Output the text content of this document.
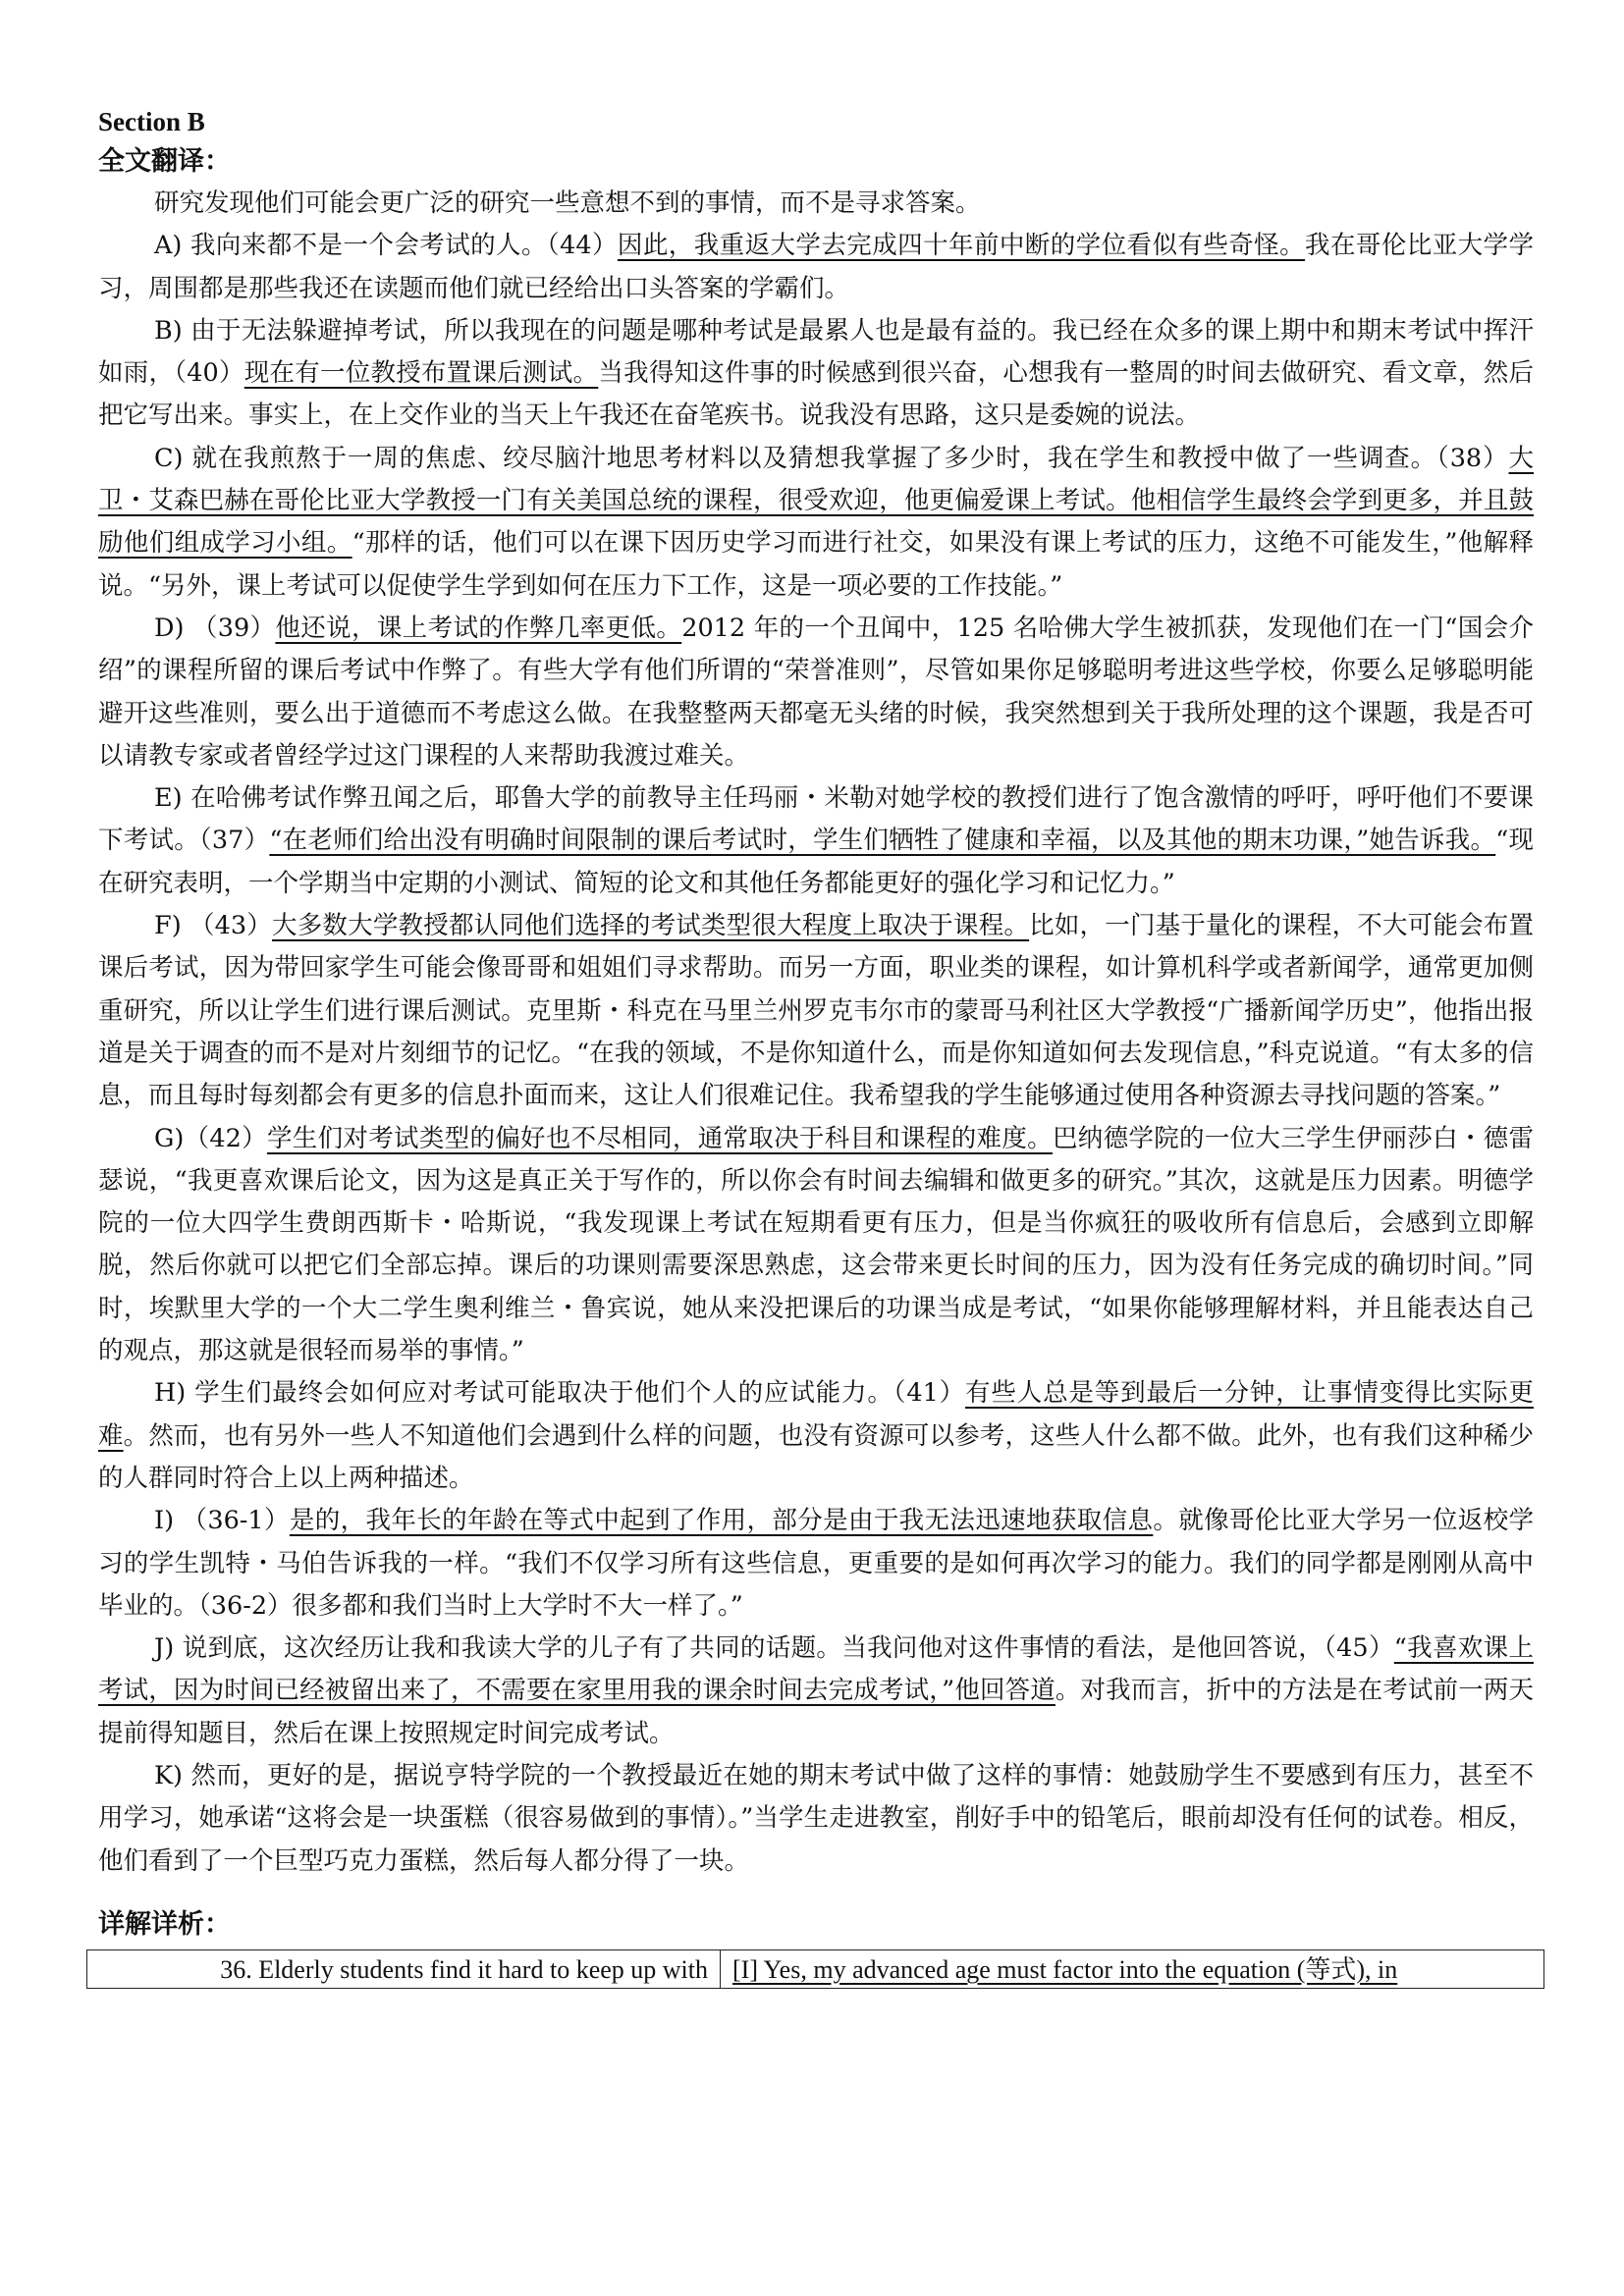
Section B

全文翻译：

研究发现他们可能会更广泛的研究一些意想不到的事情，而不是寻求答案。

A) 我向来都不是一个会考试的人。（44）因此，我重返大学去完成四十年前中断的学位看似有些奇怪。我在哥伦比亚大学学习，周围都是那些我还在读题而他们就已经给出口头答案的学霸们。

B) 由于无法躲避掉考试，所以我现在的问题是哪种考试是最累人也是最有益的。我已经在众多的课上期中和期末考试中挥汗如雨，（40）现在有一位教授布置课后测试。当我得知这件事的时候感到很兴奋，心想我有一整周的时间去做研究、看文章，然后把它写出来。事实上，在上交作业的当天上午我还在奋笔疾书。说我没有思路，这只是委婉的说法。

C) 就在我煎熬于一周的焦虑、绞尽脑汁地思考材料以及猜想我掌握了多少时，我在学生和教授中做了一些调查。（38）大卫・艾森巴赫在哥伦比亚大学教授一门有关美国总统的课程，很受欢迎，他更偏爱课上考试。他相信学生最终会学到更多，并且鼓励他们组成学习小组。“那样的话，他们可以在课下因历史学习而进行社交，如果没有课上考试的压力，这绝不可能发生，”他解释说。“另外，课上考试可以促使学生学到如何在压力下工作，这是一项必要的工作技能。”

D) （39）他还说，课上考试的作弊几率更低。2012 年的一个丑闻中，125 名哈佛大学生被抓获，发现他们在一门“国会介绍”的课程所留的课后考试中作弊了。有些大学有他们所谓的“荣誉准则”，尽管如果你足够聪明考进这些学校，你要么足够聪明能避开这些准则，要么出于道德而不考虑这么做。在我整整两天都毫无头绪的时候，我突然想到关于我所处理的这个课题，我是否可以请教专家或者曾经学过这门课程的人来帮助我渡过难关。

E) 在哈佛考试作弊丑闻之后，耶鲁大学的前教导主任玛丽・米勒对她学校的教授们进行了饱含激情的呼吁，呼吁他们不要课下考试。（37）“在老师们给出没有明确时间限制的课后考试时，学生们牺牲了健康和幸福，以及其他的期末功课，”她告诉我。“现在研究表明，一个学期当中定期的小测试、简短的论文和其他任务都能更好的强化学习和记忆力。”

F) （43）大多数大学教授都认同他们选择的考试类型很大程度上取决于课程。比如，一门基于量化的课程，不大可能会布置课后考试，因为带回家学生可能会像哥哥和姐姐们寻求帮助。而另一方面，职业类的课程，如计算机科学或者新闻学，通常更加侧重研究，所以让学生们进行课后测试。克里斯・科克在马里兰州罗克韦尔市的蒙哥马利社区大学教授“广播新闻学历史”，他指出报道是关于调查的而不是对片刻细节的记忆。“在我的领域，不是你知道什么，而是你知道如何去发现信息，”科克说道。“有太多的信息，而且每时每刻都会有更多的信息扑面而来，这让人们很难记住。我希望我的学生能够通过使用各种资源去寻找问题的答案。”

G)（42）学生们对考试类型的偏好也不尽相同，通常取决于科目和课程的难度。巴纳德学院的一位大三学生伊丽莎白・德雷瑟说，“我更喜欢课后论文，因为这是真正关于写作的，所以你会有时间去编辑和做更多的研究。”其次，这就是压力因素。明德学院的一位大四学生费朗西斯卡・哈斯说，“我发现课上考试在短期看更有压力，但是当你疯狂的吸收所有信息后，会感到立即解脱，然后你就可以把它们全部忘掉。课后的功课则需要深思熟虑，这会带来更长时间的压力，因为没有任务完成的确切时间。”同时，埃默里大学的一个大二学生奥利维兰・鲁宾说，她从来没把课后的功课当成是考试，“如果你能够理解材料，并且能表达自己的观点，那这就是很轻而易举的事情。”

H) 学生们最终会如何应对考试可能取决于他们个人的应试能力。（41）有些人总是等到最后一分钟，让事情变得比实际更难。然而，也有另外一些人不知道他们会遇到什么样的问题，也没有资源可以参考，这些人什么都不做。此外，也有我们这种稀少的人群同时符合上以上两种描述。

I) （36-1）是的，我年长的年龄在等式中起到了作用，部分是由于我无法迅速地获取信息。就像哥伦比亚大学另一位返校学习的学生凯特・马伯告诉我的一样。“我们不仅学习所有这些信息，更重要的是如何再次学习的能力。我们的同学都是刚刚从高中毕业的。（36-2）很多都和我们当时上大学时不大一样了。”

J) 说到底，这次经历让我和我读大学的儿子有了共同的话题。当我问他对这件事情的看法，是他回答说，（45）“我喜欢课上考试，因为时间已经被留出来了，不需要在家里用我的课余时间去完成考试，”他回答道。对我而言，折中的方法是在考试前一两天提前得知题目，然后在课上按照规定时间完成考试。

K) 然而，更好的是，据说亨特学院的一个教授最近在她的期末考试中做了这样的事情：她鼓励学生不要感到有压力，甚至不用学习，她承诺“这将会是一块蛋糕（很容易做到的事情）。”当学生走进教室，削好手中的铅笔后，眼前却没有任何的试卷。相反，他们看到了一个巨型巧克力蛋糕，然后每人都分得了一块。

详解详析：

36. Elderly students find it hard to keep up with	[I] Yes, my advanced age must factor into the equation (等式), in
